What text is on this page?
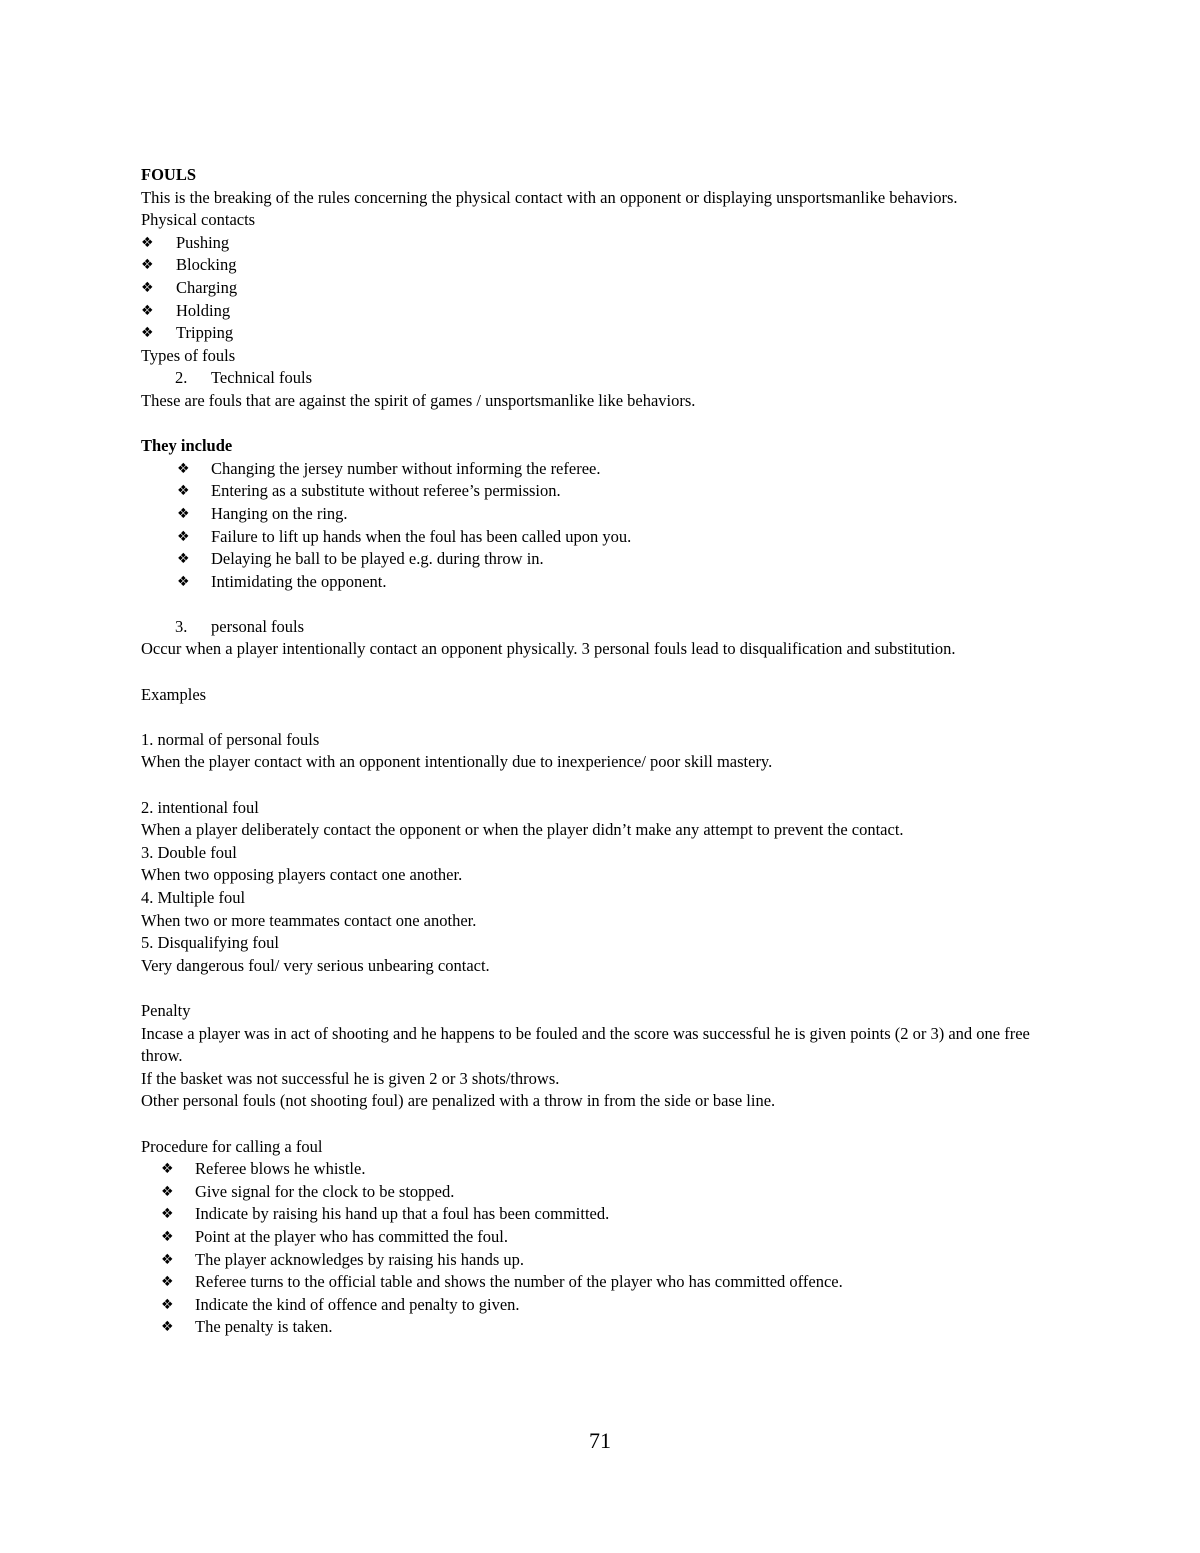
FOULS
This is the breaking of the rules concerning the physical contact with an opponent or displaying unsportsmanlike behaviors.
Physical contacts
❖	Pushing
❖	Blocking
❖	Charging
❖	Holding
❖	Tripping
Types of fouls
2. Technical fouls
These are fouls that are against the spirit of games / unsportsmanlike like behaviors.
They include
❖	Changing the jersey number without informing the referee.
❖	Entering as a substitute without referee’s permission.
❖	Hanging on the ring.
❖	Failure to lift up hands when the foul has been called upon you.
❖	Delaying he ball to be played e.g. during throw in.
❖	Intimidating the opponent.
3. personal fouls
Occur when a player intentionally contact an opponent physically. 3 personal fouls lead to disqualification and substitution.
Examples
1. normal of personal fouls
When the player contact with an opponent intentionally due to inexperience/ poor skill mastery.
2. intentional foul
When a player deliberately contact the opponent or when the player didn’t make any attempt to prevent the contact.
3. Double foul
When two opposing players contact one another.
4. Multiple foul
When two or more teammates contact one another.
5. Disqualifying foul
Very dangerous foul/ very serious unbearing contact.
Penalty
Incase a player was in act of shooting and he happens to be fouled and the score was successful he is given points (2 or 3) and one free throw.
If the basket was not successful he is given 2 or 3 shots/throws.
Other personal fouls (not shooting foul) are penalized with a throw in from the side or base line.
Procedure for calling a foul
❖	Referee blows he whistle.
❖	Give signal for the clock to be stopped.
❖	Indicate by raising his hand up that a foul has been committed.
❖	Point at the player who has committed the foul.
❖	The player acknowledges by raising his hands up.
❖	Referee turns to the official table and shows the number of the player who has committed offence.
❖	Indicate the kind of offence and penalty to given.
❖	The penalty is taken.
71
